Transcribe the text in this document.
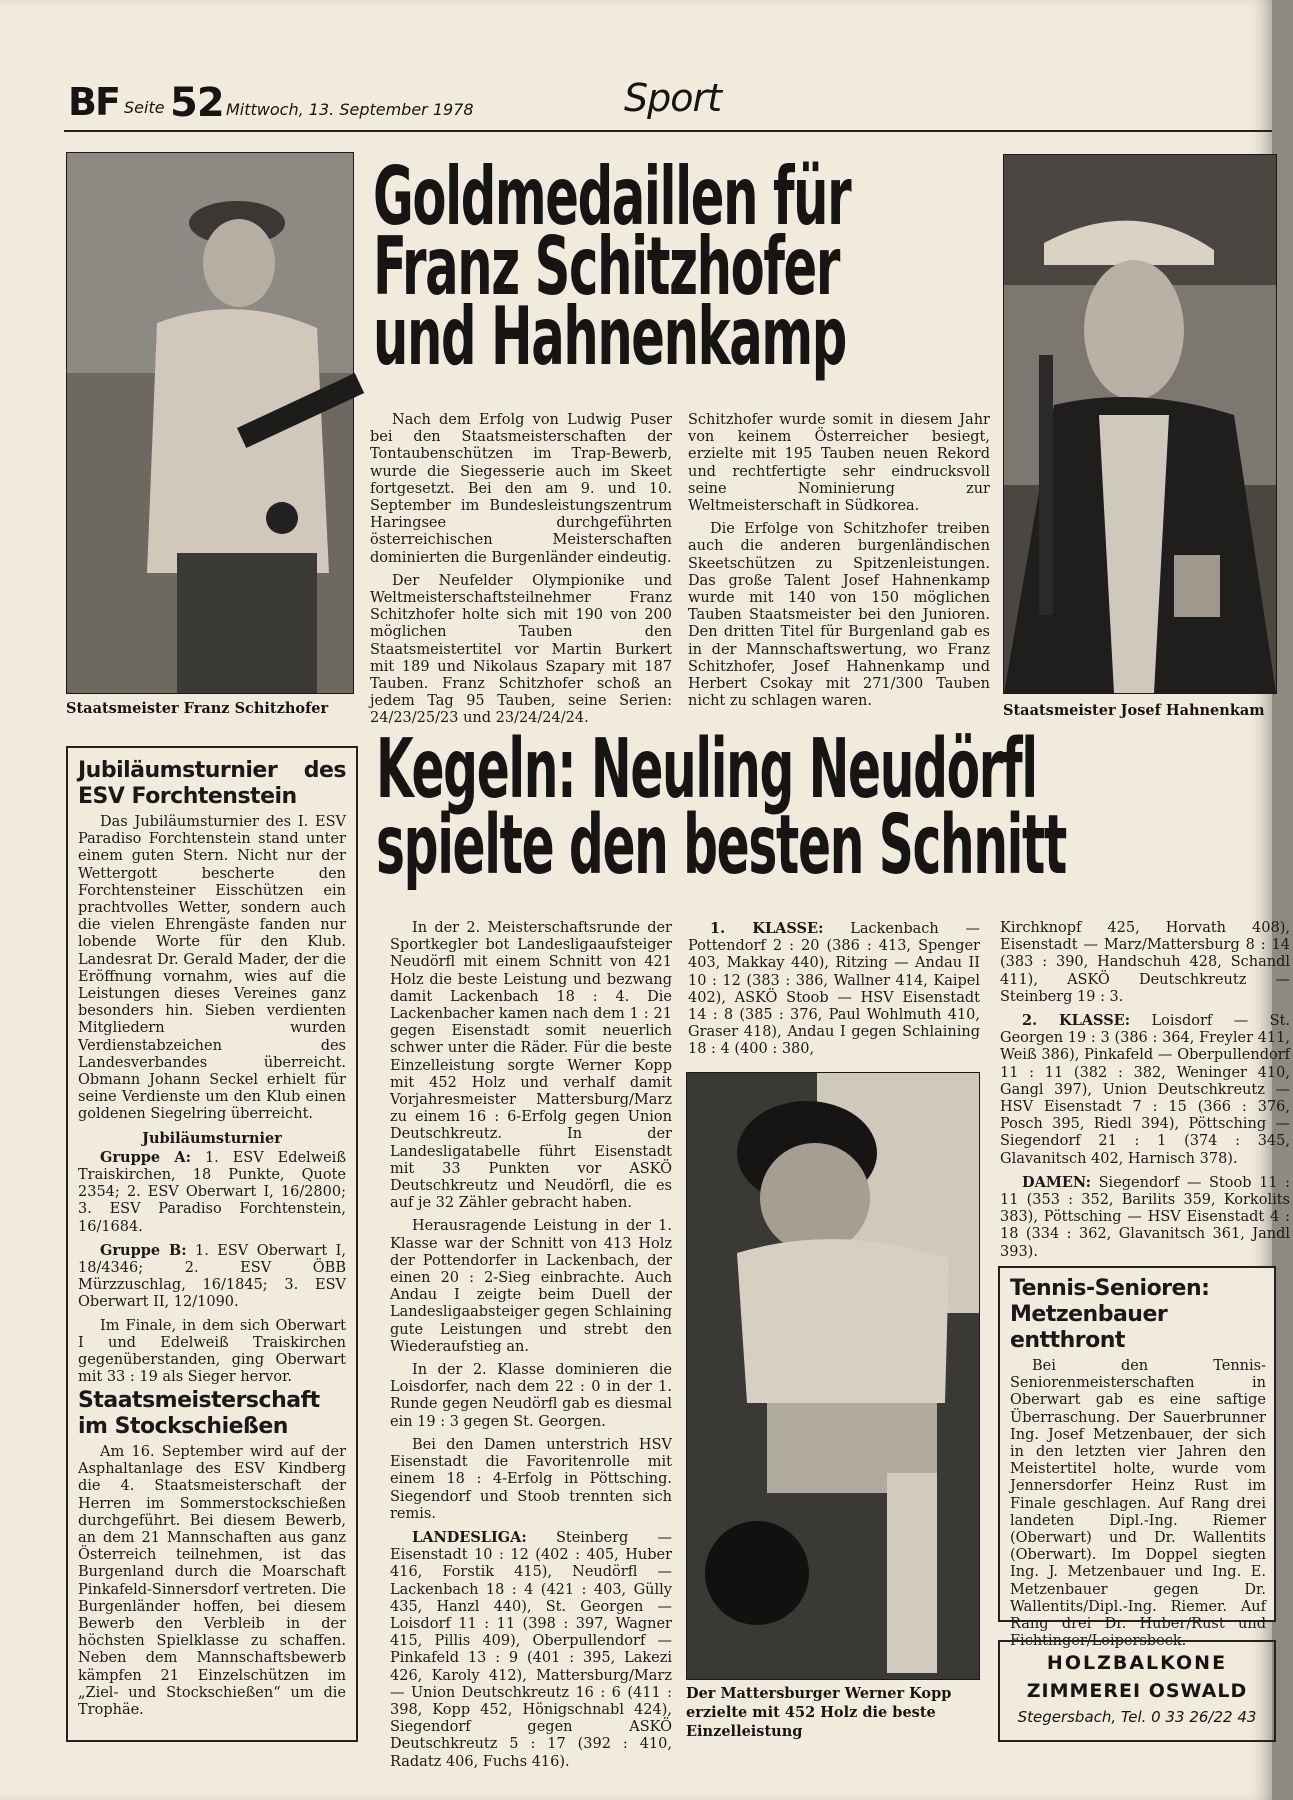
BF Seite 52 Mittwoch, 13. September 1978	Sport
Staatsmeister Franz Schitzhofer	Staatsmeister Josef Hahnenkam
Goldmedaillen für
Franz Schitzhofer
und Hahnenkamp

Nach dem Erfolg von Ludwig Puser bei den Staatsmeisterschaften der Tontaubenschützen im Trap-Bewerb, wurde die Siegesserie auch im Skeet fortgesetzt. Bei den am 9. und 10. September im Bundesleistungszentrum Haringsee durchgeführten österreichischen Meisterschaften dominierten die Burgenländer eindeutig.

Der Neufelder Olympionike und Weltmeisterschaftsteilnehmer Franz Schitzhofer holte sich mit 190 von 200 möglichen Tauben den Staatsmeistertitel vor Martin Burkert mit 189 und Nikolaus Szapary mit 187 Tauben. Franz Schitzhofer schoß an jedem Tag 95 Tauben, seine Serien: 24/23/25/23 und 23/24/24/24.

Schitzhofer wurde somit in diesem Jahr von keinem Österreicher besiegt, erzielte mit 195 Tauben neuen Rekord und rechtfertigte sehr eindrucksvoll seine Nominierung zur Weltmeisterschaft in Südkorea.

Die Erfolge von Schitzhofer treiben auch die anderen burgenländischen Skeetschützen zu Spitzenleistungen. Das große Talent Josef Hahnenkamp wurde mit 140 von 150 möglichen Tauben Staatsmeister bei den Junioren. Den dritten Titel für Burgenland gab es in der Mannschaftswertung, wo Franz Schitzhofer, Josef Hahnenkamp und Herbert Csokay mit 271/300 Tauben nicht zu schlagen waren.

Jubiläumsturnier des ESV Forchtenstein

Das Jubiläumsturnier des I. ESV Paradiso Forchtenstein stand unter einem guten Stern. Nicht nur der Wettergott bescherte den Forchtensteiner Eisschützen ein prachtvolles Wetter, sondern auch die vielen Ehrengäste fanden nur lobende Worte für den Klub. Landesrat Dr. Gerald Mader, der die Eröffnung vornahm, wies auf die Leistungen dieses Vereines ganz besonders hin. Sieben verdienten Mitgliedern wurden Verdienstabzeichen des Landesverbandes überreicht. Obmann Johann Seckel erhielt für seine Verdienste um den Klub einen goldenen Siegelring überreicht.

Jubiläumsturnier

Gruppe A: 1. ESV Edelweiß Traiskirchen, 18 Punkte, Quote 2354; 2. ESV Oberwart I, 16/2800; 3. ESV Paradiso Forchtenstein, 16/1684.

Gruppe B: 1. ESV Oberwart I, 18/4346; 2. ESV ÖBB Mürzzuschlag, 16/1845; 3. ESV Oberwart II, 12/1090.

Im Finale, in dem sich Oberwart I und Edelweiß Traiskirchen gegenüberstanden, ging Oberwart mit 33 : 19 als Sieger hervor.

Staatsmeisterschaft im Stockschießen

Am 16. September wird auf der Asphaltanlage des ESV Kindberg die 4. Staatsmeisterschaft der Herren im Sommerstockschießen durchgeführt. Bei diesem Bewerb, an dem 21 Mannschaften aus ganz Österreich teilnehmen, ist das Burgenland durch die Moarschaft Pinkafeld-Sinnersdorf vertreten. Die Burgenländer hoffen, bei diesem Bewerb den Verbleib in der höchsten Spielklasse zu schaffen. Neben dem Mannschaftsbewerb kämpfen 21 Einzelschützen im „Ziel- und Stockschießen“ um die Trophäe.

Kegeln: Neuling Neudörfl
spielte den besten Schnitt

In der 2. Meisterschaftsrunde der Sportkegler bot Landesligaaufsteiger Neudörfl mit einem Schnitt von 421 Holz die beste Leistung und bezwang damit Lackenbach 18 : 4. Die Lackenbacher kamen nach dem 1 : 21 gegen Eisenstadt somit neuerlich schwer unter die Räder. Für die beste Einzelleistung sorgte Werner Kopp mit 452 Holz und verhalf damit Vorjahresmeister Mattersburg/Marz zu einem 16 : 6-Erfolg gegen Union Deutschkreutz. In der Landesligatabelle führt Eisenstadt mit 33 Punkten vor ASKÖ Deutschkreutz und Neudörfl, die es auf je 32 Zähler gebracht haben.

Herausragende Leistung in der 1. Klasse war der Schnitt von 413 Holz der Pottendorfer in Lackenbach, der einen 20 : 2-Sieg einbrachte. Auch Andau I zeigte beim Duell der Landesligaabsteiger gegen Schlaining gute Leistungen und strebt den Wiederaufstieg an.

In der 2. Klasse dominieren die Loisdorfer, nach dem 22 : 0 in der 1. Runde gegen Neudörfl gab es diesmal ein 19 : 3 gegen St. Georgen.

Bei den Damen unterstrich HSV Eisenstadt die Favoritenrolle mit einem 18 : 4-Erfolg in Pöttsching. Siegendorf und Stoob trennten sich remis.

LANDESLIGA: Steinberg — Eisenstadt 10 : 12 (402 : 405, Huber 416, Forstik 415), Neudörfl — Lackenbach 18 : 4 (421 : 403, Gülly 435, Hanzl 440), St. Georgen — Loisdorf 11 : 11 (398 : 397, Wagner 415, Pillis 409), Oberpullendorf — Pinkafeld 13 : 9 (401 : 395, Lakezi 426, Karoly 412), Mattersburg/Marz — Union Deutschkreutz 16 : 6 (411 : 398, Kopp 452, Hönigschnabl 424), Siegendorf gegen ASKÖ Deutschkreutz 5 : 17 (392 : 410, Radatz 406, Fuchs 416).

1. KLASSE: Lackenbach — Pottendorf 2 : 20 (386 : 413, Spenger 403, Makkay 440), Ritzing — Andau II 10 : 12 (383 : 386, Wallner 414, Kaipel 402), ASKÖ Stoob — HSV Eisenstadt 14 : 8 (385 : 376, Paul Wohlmuth 410, Graser 418), Andau I gegen Schlaining 18 : 4 (400 : 380,

Der Mattersburger Werner Kopp erzielte mit 452 Holz die beste Einzelleistung

Kirchknopf 425, Horvath 408), Eisenstadt — Marz/Mattersburg 8 : 14 (383 : 390, Handschuh 428, Schandl 411), ASKÖ Deutschkreutz — Steinberg 19 : 3.

2. KLASSE: Loisdorf — St. Georgen 19 : 3 (386 : 364, Freyler 411, Weiß 386), Pinkafeld — Oberpullendorf 11 : 11 (382 : 382, Weninger 410, Gangl 397), Union Deutschkreutz — HSV Eisenstadt 7 : 15 (366 : 376, Posch 395, Riedl 394), Pöttsching — Siegendorf 21 : 1 (374 : 345, Glavanitsch 402, Harnisch 378).

DAMEN: Siegendorf — Stoob 11 : 11 (353 : 352, Barilits 359, Korkolits 383), Pöttsching — HSV Eisenstadt 4 : 18 (334 : 362, Glavanitsch 361, Jandl 393).

Tennis-Senioren: Metzenbauer entthront

Bei den Tennis-Seniorenmeisterschaften in Oberwart gab es eine saftige Überraschung. Der Sauerbrunner Ing. Josef Metzenbauer, der sich in den letzten vier Jahren den Meistertitel holte, wurde vom Jennersdorfer Heinz Rust im Finale geschlagen. Auf Rang drei landeten Dipl.-Ing. Riemer (Oberwart) und Dr. Wallentits (Oberwart). Im Doppel siegten Ing. J. Metzenbauer und Ing. E. Metzenbauer gegen Dr. Wallentits/Dipl.-Ing. Riemer. Auf Rang drei Dr. Huber/Rust und Fichtinger/Loipersbeck.

HOLZBALKONE
ZIMMEREI OSWALD
Stegersbach, Tel. 0 33 26/22 43
